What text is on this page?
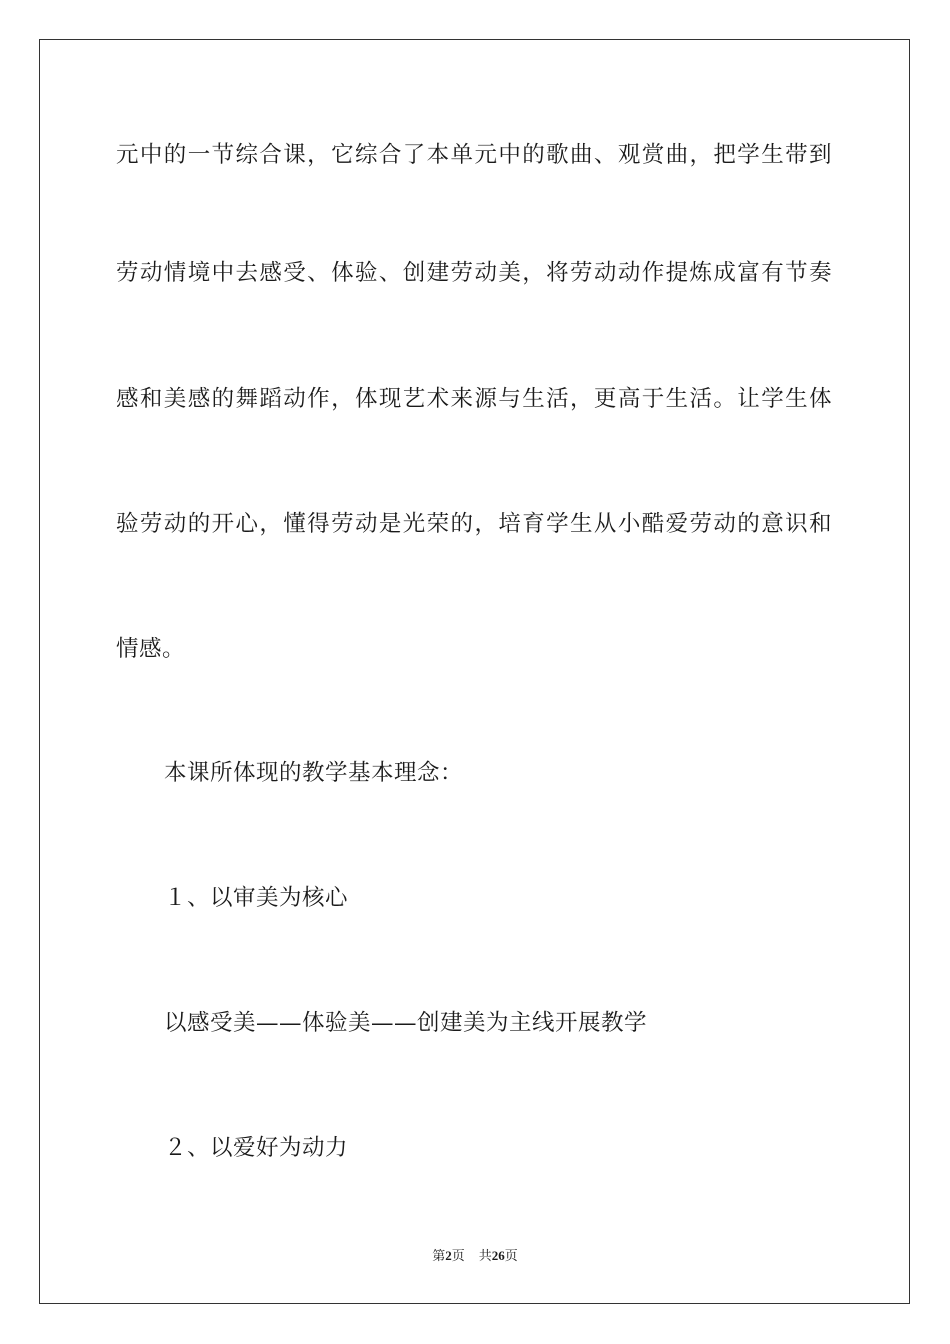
元中的一节综合课，它综合了本单元中的歌曲、观赏曲，把学生带到
劳动情境中去感受、体验、创建劳动美，将劳动动作提炼成富有节奏
感和美感的舞蹈动作，体现艺术来源与生活，更高于生活。让学生体
验劳动的开心，懂得劳动是光荣的，培育学生从小酷爱劳动的意识和
情感。
本课所体现的教学基本理念：
１、以审美为核心
以感受美——体验美——创建美为主线开展教学
２、以爱好为动力
第2页 共26页
